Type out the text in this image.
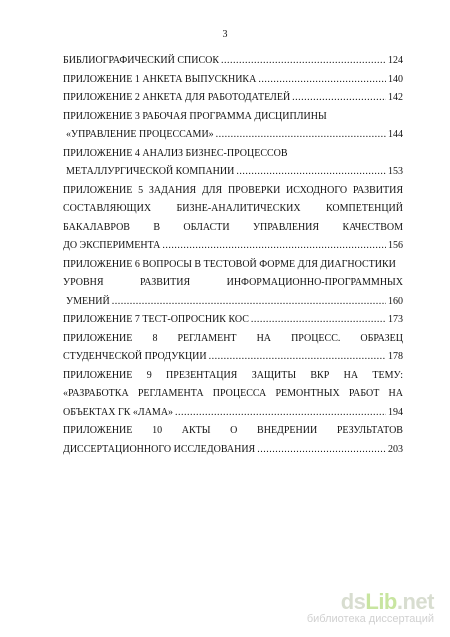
3
БИБЛИОГРАФИЧЕСКИЙ СПИСОК .....	124
ПРИЛОЖЕНИЕ 1 АНКЕТА ВЫПУСКНИКА .....	140
ПРИЛОЖЕНИЕ 2 АНКЕТА ДЛЯ РАБОТОДАТЕЛЕЙ .....	142
ПРИЛОЖЕНИЕ 3 РАБОЧАЯ ПРОГРАММА ДИСЦИПЛИНЫ
«УПРАВЛЕНИЕ ПРОЦЕССАМИ» .....	144
ПРИЛОЖЕНИЕ 4 АНАЛИЗ БИЗНЕС-ПРОЦЕССОВ
МЕТАЛЛУРГИЧЕСКОЙ КОМПАНИИ .....	153
ПРИЛОЖЕНИЕ 5 ЗАДАНИЯ ДЛЯ ПРОВЕРКИ ИСХОДНОГО РАЗВИТИЯ
СОСТАВЛЯЮЩИХ	БИЗНЕ-АНАЛИТИЧЕСКИХ	КОМПЕТЕНЦИЙ
БАКАЛАВРОВ В ОБЛАСТИ УПРАВЛЕНИЯ КАЧЕСТВОМ
ДО ЭКСПЕРИМЕНТА .....	156
ПРИЛОЖЕНИЕ 6 ВОПРОСЫ В ТЕСТОВОЙ ФОРМЕ ДЛЯ ДИАГНОСТИКИ
УРОВНЯ	РАЗВИТИЯ	ИНФОРМАЦИОННО-ПРОГРАММНЫХ
УМЕНИЙ .....	160
ПРИЛОЖЕНИЕ 7 ТЕСТ-ОПРОСНИК КОС .....	173
ПРИЛОЖЕНИЕ 8 РЕГЛАМЕНТ НА ПРОЦЕСС. ОБРАЗЕЦ
СТУДЕНЧЕСКОЙ ПРОДУКЦИИ .....	178
ПРИЛОЖЕНИЕ 9 ПРЕЗЕНТАЦИЯ ЗАЩИТЫ ВКР НА ТЕМУ:
«РАЗРАБОТКА РЕГЛАМЕНТА ПРОЦЕССА РЕМОНТНЫХ РАБОТ НА
ОБЪЕКТАХ ГК «ЛАМА» .....	194
ПРИЛОЖЕНИЕ 10 АКТЫ О ВНЕДРЕНИИ РЕЗУЛЬТАТОВ
ДИССЕРТАЦИОННОГО ИССЛЕДОВАНИЯ .....	203
dsLib.net
библиотека диссертаций
